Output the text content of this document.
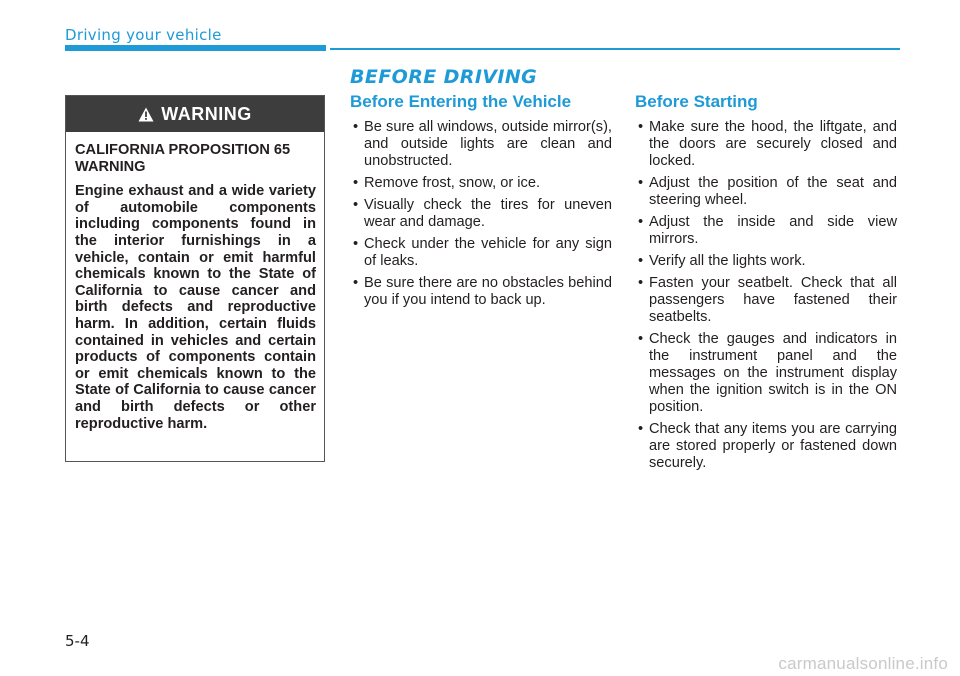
Driving your vehicle
BEFORE DRIVING
WARNING

CALIFORNIA PROPOSITION 65 WARNING

Engine exhaust and a wide variety of automobile components including components found in the interior furnishings in a vehicle, contain or emit harmful chemicals known to the State of California to cause cancer and birth defects and reproductive harm. In addition, certain fluids contained in vehicles and certain products of components contain or emit chemicals known to the State of California to cause cancer and birth defects or other reproductive harm.

Before Entering the Vehicle
• Be sure all windows, outside mirror(s), and outside lights are clean and unobstructed.
• Remove frost, snow, or ice.
• Visually check the tires for uneven wear and damage.
• Check under the vehicle for any sign of leaks.
• Be sure there are no obstacles behind you if you intend to back up.
Before Starting
• Make sure the hood, the liftgate, and the doors are securely closed and locked.
• Adjust the position of the seat and steering wheel.
• Adjust the inside and side view mirrors.
• Verify all the lights work.
• Fasten your seatbelt. Check that all passengers have fastened their seatbelts.
• Check the gauges and indicators in the instrument panel and the messages on the instrument display when the ignition switch is in the ON position.
• Check that any items you are carrying are stored properly or fastened down securely.
5-4
carmanualsonline.info
